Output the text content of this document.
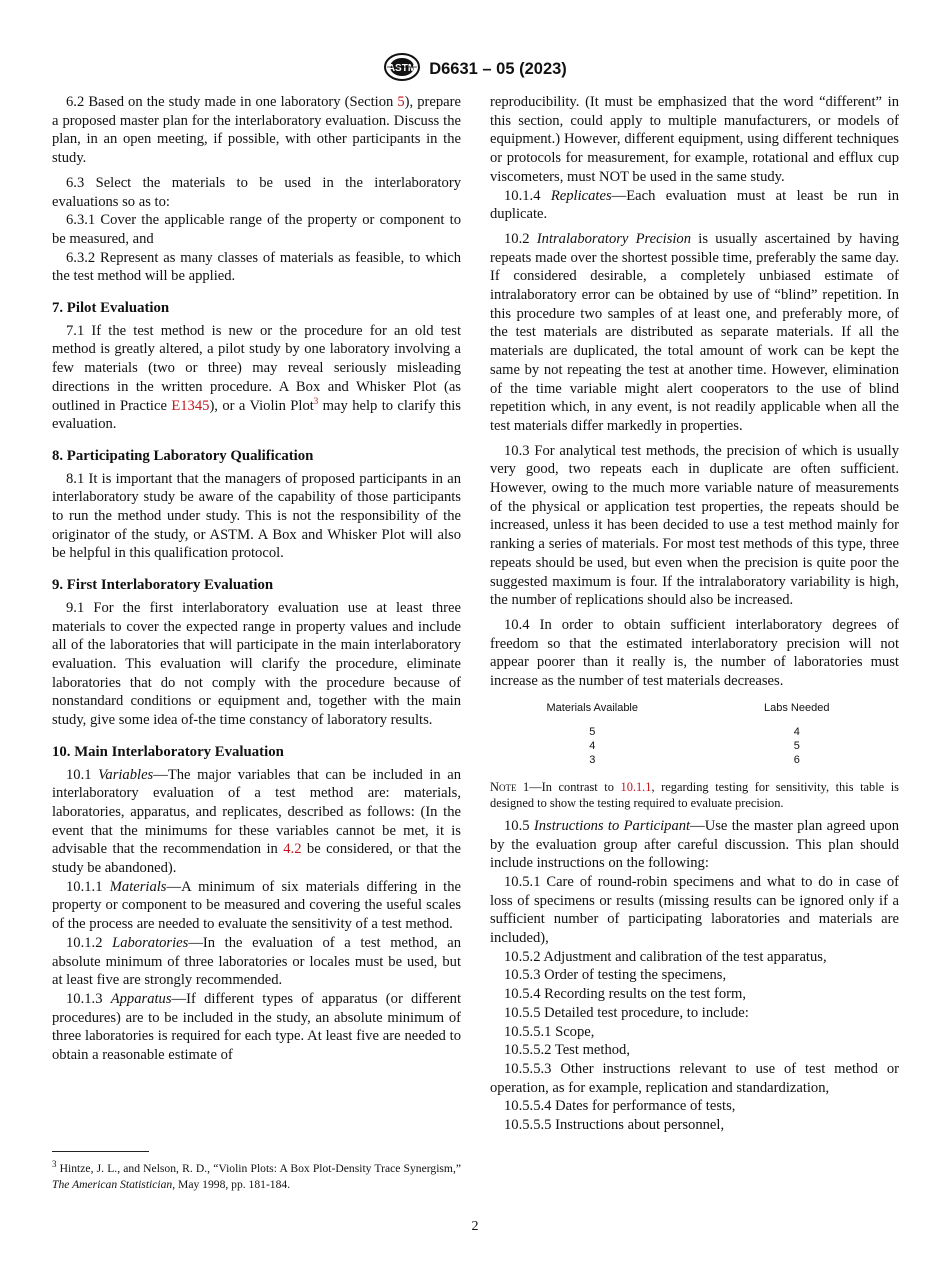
ASTM D6631 – 05 (2023)

6.2 Based on the study made in one laboratory (Section 5), prepare a proposed master plan for the interlaboratory evaluation. Discuss the plan, in an open meeting, if possible, with other participants in the study.

6.3 Select the materials to be used in the interlaboratory evaluations so as to:

6.3.1 Cover the applicable range of the property or component to be measured, and

6.3.2 Represent as many classes of materials as feasible, to which the test method will be applied.

7. Pilot Evaluation

7.1 If the test method is new or the procedure for an old test method is greatly altered, a pilot study by one laboratory involving a few materials (two or three) may reveal seriously misleading directions in the written procedure. A Box and Whisker Plot (as outlined in Practice E1345), or a Violin Plot$^3$ may help to clarify this evaluation.

8. Participating Laboratory Qualification

8.1 It is important that the managers of proposed participants in an interlaboratory study be aware of the capability of those participants to run the method under study. This is not the responsibility of the originator of the study, or ASTM. A Box and Whisker Plot will also be helpful in this qualification protocol.

9. First Interlaboratory Evaluation

9.1 For the first interlaboratory evaluation use at least three materials to cover the expected range in property values and include all of the laboratories that will participate in the main interlaboratory evaluation. This evaluation will clarify the procedure, eliminate laboratories that do not comply with the procedure because of nonstandard conditions or equipment and, together with the main study, give some idea of-the time constancy of laboratory results.

10. Main Interlaboratory Evaluation

10.1 Variables—The major variables that can be included in an interlaboratory evaluation of a test method are: materials, laboratories, apparatus, and replicates, described as follows: (In the event that the minimums for these variables cannot be met, it is advisable that the recommendation in 4.2 be considered, or that the study be abandoned).

10.1.1 Materials—A minimum of six materials differing in the property or component to be measured and covering the useful scales of the process are needed to evaluate the sensitivity of a test method.

10.1.2 Laboratories—In the evaluation of a test method, an absolute minimum of three laboratories or locales must be used, but at least five are strongly recommended.

10.1.3 Apparatus—If different types of apparatus (or different procedures) are to be included in the study, an absolute minimum of three laboratories is required for each type. At least five are needed to obtain a reasonable estimate of

reproducibility. (It must be emphasized that the word “different” in this section, could apply to multiple manufacturers, or models of equipment.) However, different equipment, using different techniques or protocols for measurement, for example, rotational and efflux cup viscometers, must NOT be used in the same study.

10.1.4 Replicates—Each evaluation must at least be run in duplicate.

10.2 Intralaboratory Precision is usually ascertained by having repeats made over the shortest possible time, preferably the same day. If considered desirable, a completely unbiased estimate of intralaboratory error can be obtained by use of “blind” repetition. In this procedure two samples of at least one, and preferably more, of the test materials are distributed as separate materials. If all the materials are duplicated, the total amount of work can be kept the same by not repeating the test at another time. However, elimination of the time variable might alert cooperators to the use of blind repetition which, in any event, is not readily applicable when all the test materials differ markedly in properties.

10.3 For analytical test methods, the precision of which is usually very good, two repeats each in duplicate are often sufficient. However, owing to the much more variable nature of measurements of the physical or application test properties, the repeats should be increased, unless it has been decided to use a test method mainly for ranking a series of materials. For most test methods of this type, three repeats should be used, but even when the precision is quite poor the suggested maximum is four. If the intralaboratory variability is high, the number of replications should also be increased.

10.4 In order to obtain sufficient interlaboratory degrees of freedom so that the estimated interlaboratory precision will not appear poorer than it really is, the number of laboratories must increase as the number of test materials decreases.

Materials Available	Labs Needed
5	4
4	5
3	6

Note 1—In contrast to 10.1.1, regarding testing for sensitivity, this table is designed to show the testing required to evaluate precision.

10.5 Instructions to Participant—Use the master plan agreed upon by the evaluation group after careful discussion. This plan should include instructions on the following:

10.5.1 Care of round-robin specimens and what to do in case of loss of specimens or results (missing results can be ignored only if a sufficient number of participating laboratories and materials are included),

10.5.2 Adjustment and calibration of the test apparatus,

10.5.3 Order of testing the specimens,

10.5.4 Recording results on the test form,

10.5.5 Detailed test procedure, to include:

10.5.5.1 Scope,

10.5.5.2 Test method,

10.5.5.3 Other instructions relevant to use of test method or operation, as for example, replication and standardization,

10.5.5.4 Dates for performance of tests,

10.5.5.5 Instructions about personnel,

$^3$ Hintze, J. L., and Nelson, R. D., “Violin Plots: A Box Plot-Density Trace Synergism,” The American Statistician, May 1998, pp. 181-184.
2
